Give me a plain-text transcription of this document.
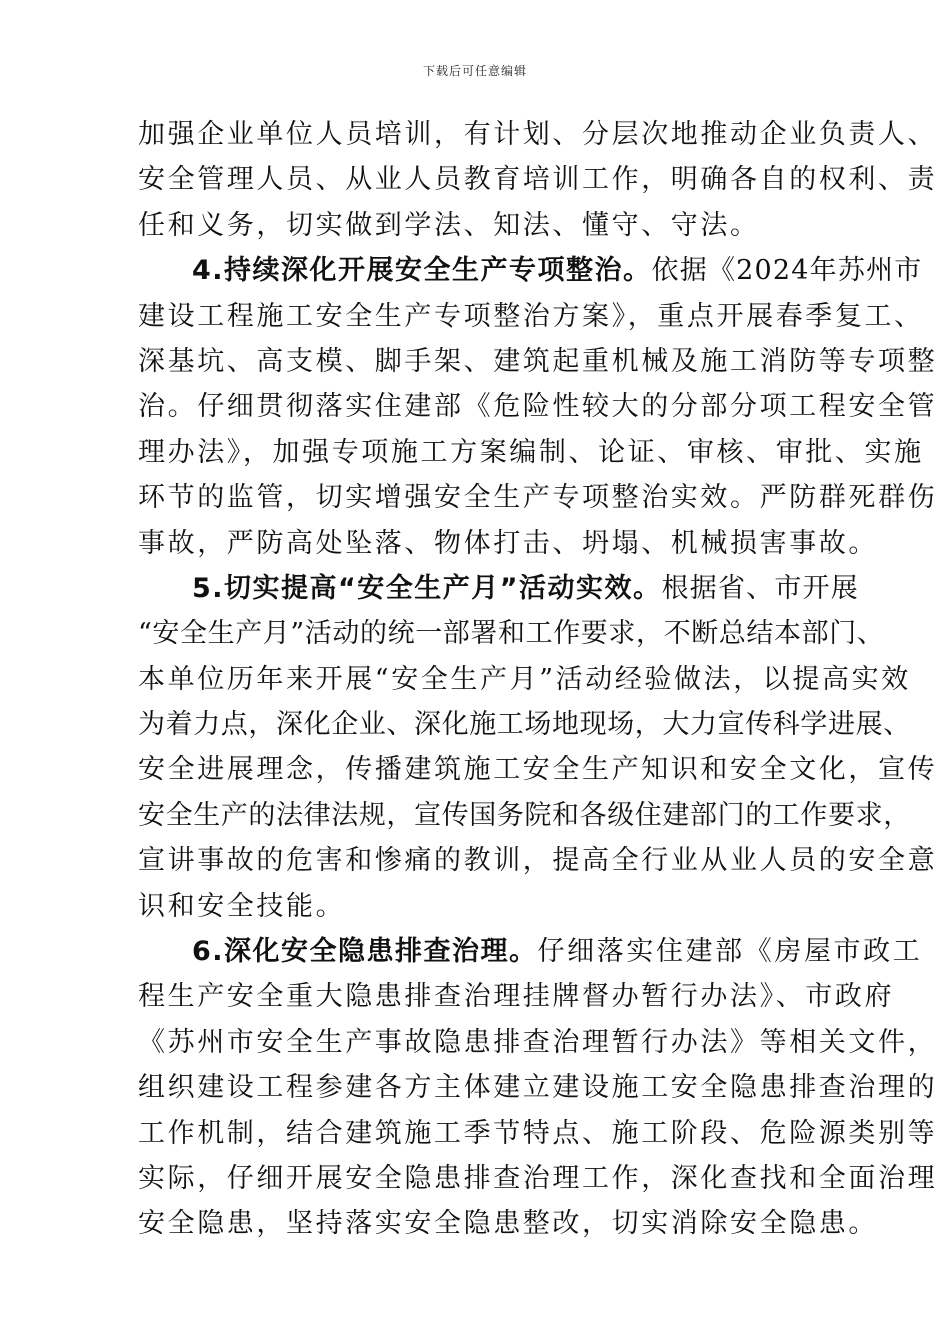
下载后可任意编辑
加强企业单位人员培训，有计划、分层次地推动企业负责人、
安全管理人员、从业人员教育培训工作，明确各自的权利、责
任和义务，切实做到学法、知法、懂守、守法。
4.持续深化开展安全生产专项整治。依据《2024年苏州市
建设工程施工安全生产专项整治方案》，重点开展春季复工、
深基坑、高支模、脚手架、建筑起重机械及施工消防等专项整
治。仔细贯彻落实住建部《危险性较大的分部分项工程安全管
理办法》，加强专项施工方案编制、论证、审核、审批、实施
环节的监管，切实增强安全生产专项整治实效。严防群死群伤
事故，严防高处坠落、物体打击、坍塌、机械损害事故。
5.切实提高“安全生产月”活动实效。根据省、市开展
“安全生产月”活动的统一部署和工作要求，不断总结本部门、
本单位历年来开展“安全生产月”活动经验做法，以提高实效
为着力点，深化企业、深化施工场地现场，大力宣传科学进展、
安全进展理念，传播建筑施工安全生产知识和安全文化，宣传
安全生产的法律法规，宣传国务院和各级住建部门的工作要求，
宣讲事故的危害和惨痛的教训，提高全行业从业人员的安全意
识和安全技能。
6.深化安全隐患排查治理。仔细落实住建部《房屋市政工
程生产安全重大隐患排查治理挂牌督办暂行办法》、市政府
《苏州市安全生产事故隐患排查治理暂行办法》等相关文件，
组织建设工程参建各方主体建立建设施工安全隐患排查治理的
工作机制，结合建筑施工季节特点、施工阶段、危险源类别等
实际，仔细开展安全隐患排查治理工作，深化查找和全面治理
安全隐患，坚持落实安全隐患整改，切实消除安全隐患。
